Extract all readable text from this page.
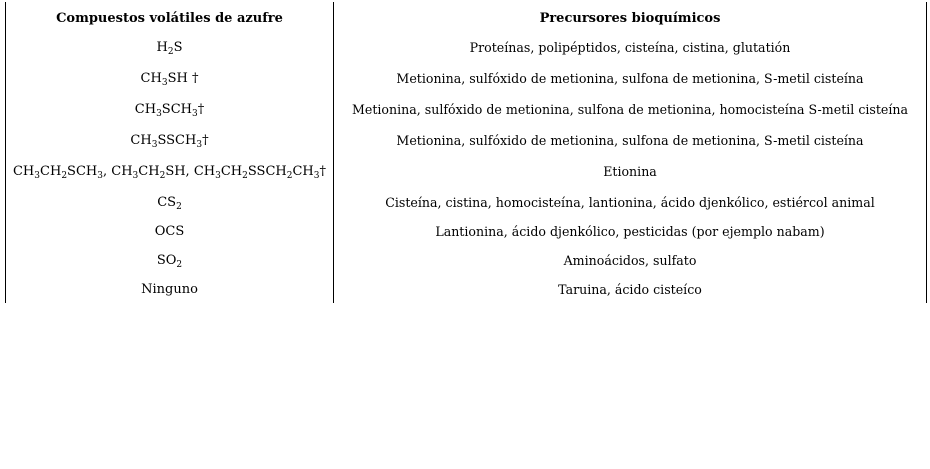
Compuestos volátiles de azufre	Precursores bioquímicos
$H_2S$	Proteínas, polipéptidos, cisteína, cistina, glutatión
$CH_3SH$ †	Metionina, sulfóxido de metionina, sulfona de metionina, S-metil cisteína
$CH_3SCH_3\dagger$	Metionina, sulfóxido de metionina, sulfona de metionina, homocisteína S-metil cisteína
$CH_3SSCH_3\dagger$	Metionina, sulfóxido de metionina, sulfona de metionina, S-metil cisteína
$CH_3CH_2SCH_3$, $CH_3CH_2SH$, $CH_3CH_2SSCH_2CH_3\dagger$	Etionina
$CS_2$	Cisteína, cistina, homocisteína, lantionina, ácido djenkólico, estiércol animal
OCS	Lantionina, ácido djenkólico, pesticidas (por ejemplo nabam)
$SO_2$	Aminoácidos, sulfato
Ninguno	Taruina, ácido cisteíco
